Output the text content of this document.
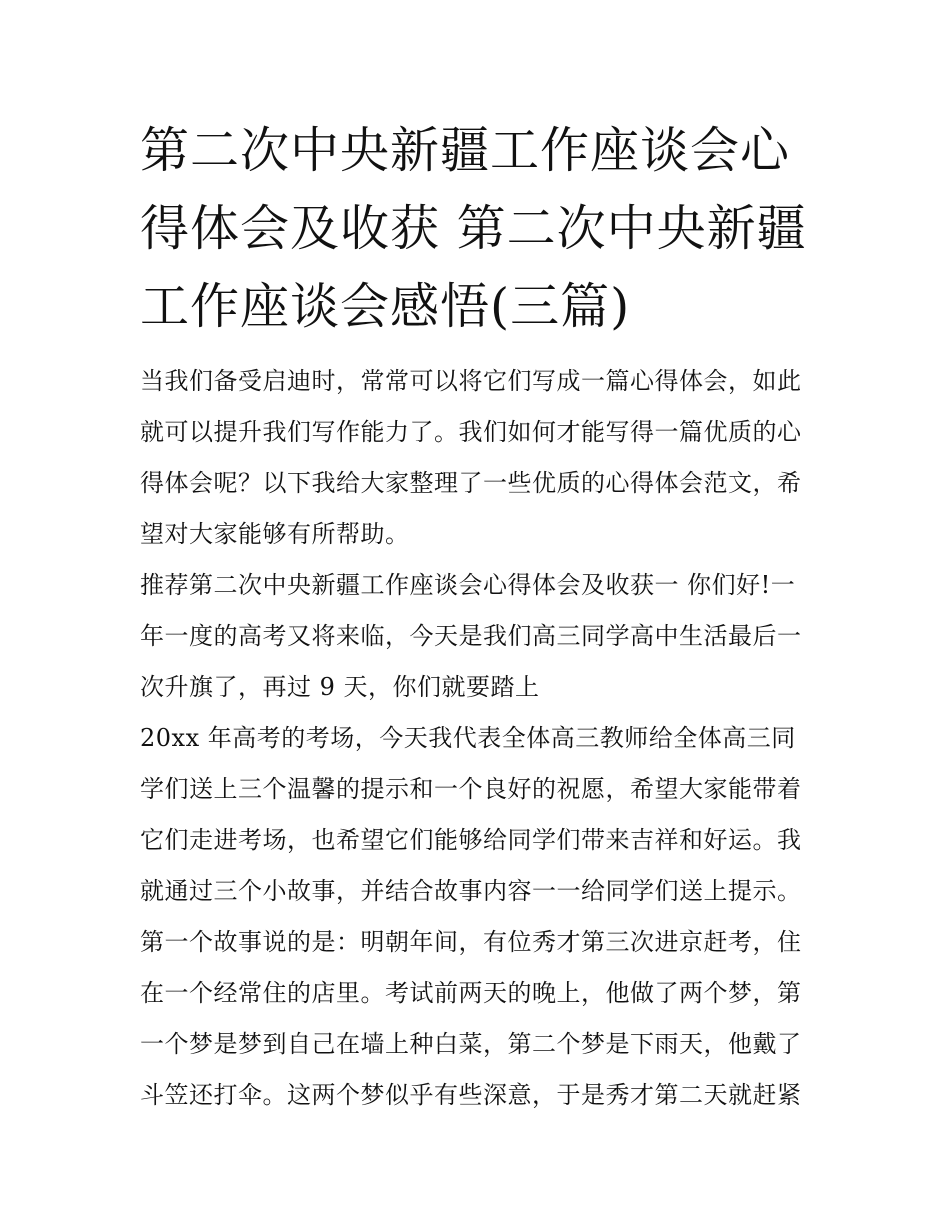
第二次中央新疆工作座谈会心
得体会及收获 第二次中央新疆
工作座谈会感悟(三篇)
当我们备受启迪时，常常可以将它们写成一篇心得体会，如此
就可以提升我们写作能力了。我们如何才能写得一篇优质的心
得体会呢？以下我给大家整理了一些优质的心得体会范文，希
望对大家能够有所帮助。
推荐第二次中央新疆工作座谈会心得体会及收获一 你们好!一
年一度的高考又将来临，今天是我们高三同学高中生活最后一
次升旗了，再过 9 天，你们就要踏上
20xx 年高考的考场，今天我代表全体高三教师给全体高三同
学们送上三个温馨的提示和一个良好的祝愿，希望大家能带着
它们走进考场，也希望它们能够给同学们带来吉祥和好运。我
就通过三个小故事，并结合故事内容一一给同学们送上提示。
第一个故事说的是：明朝年间，有位秀才第三次进京赶考，住
在一个经常住的店里。考试前两天的晚上，他做了两个梦，第
一个梦是梦到自己在墙上种白菜，第二个梦是下雨天，他戴了
斗笠还打伞。这两个梦似乎有些深意，于是秀才第二天就赶紧
